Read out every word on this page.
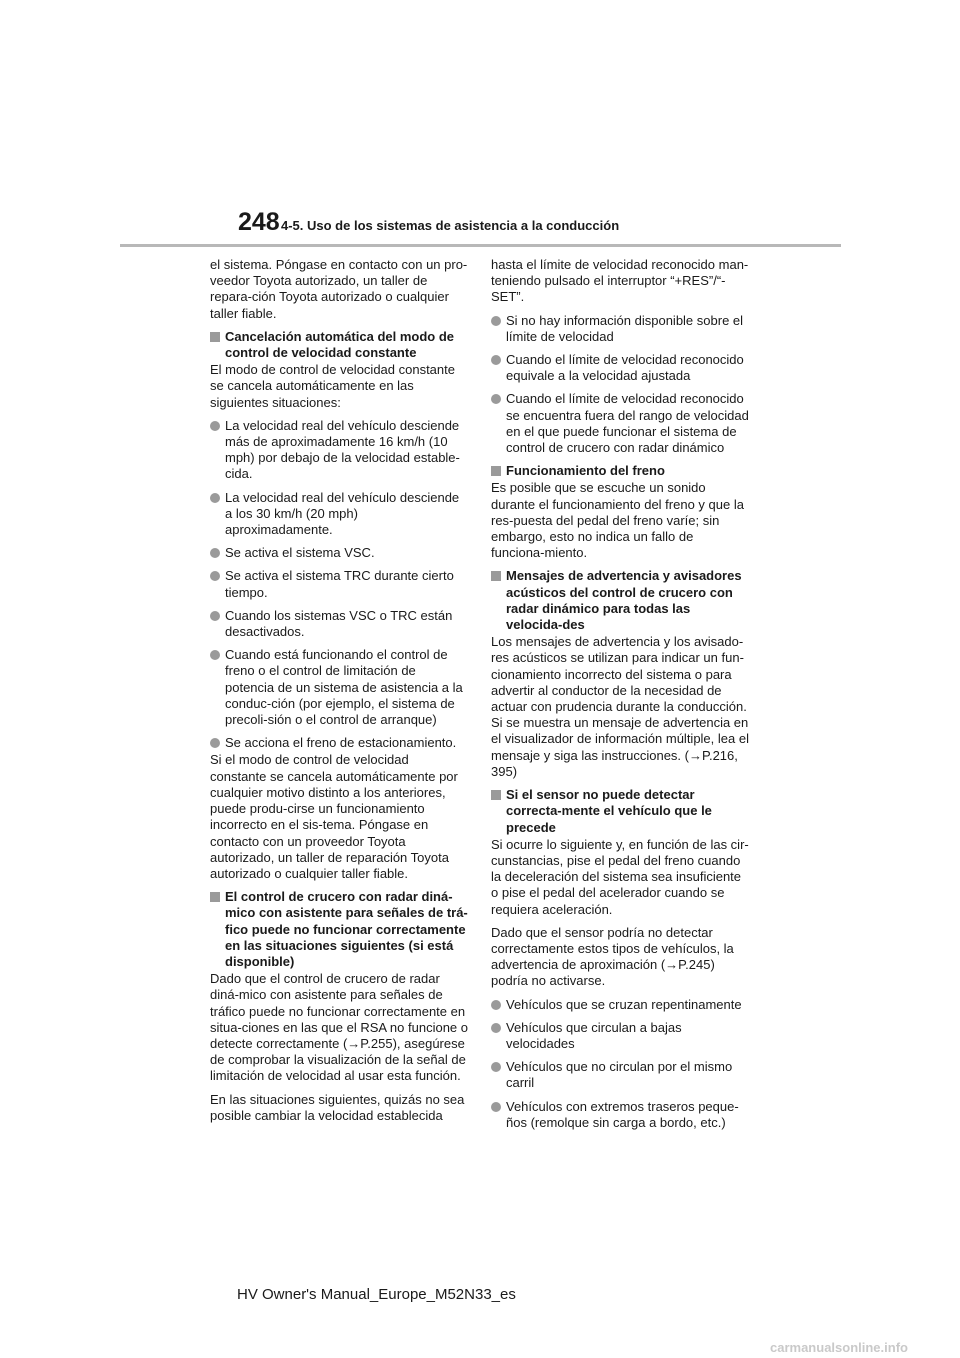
248 4-5. Uso de los sistemas de asistencia a la conducción

el sistema. Póngase en contacto con un pro-veedor Toyota autorizado, un taller de repara-ción Toyota autorizado o cualquier taller fiable.

Cancelación automática del modo de control de velocidad constante

El modo de control de velocidad constante se cancela automáticamente en las siguientes situaciones:

La velocidad real del vehículo desciende más de aproximadamente 16 km/h (10 mph) por debajo de la velocidad estable-cida.
La velocidad real del vehículo desciende a los 30 km/h (20 mph) aproximadamente.
Se activa el sistema VSC.
Se activa el sistema TRC durante cierto tiempo.
Cuando los sistemas VSC o TRC están desactivados.
Cuando está funcionando el control de freno o el control de limitación de potencia de un sistema de asistencia a la conduc-ción (por ejemplo, el sistema de precoli-sión o el control de arranque)
Se acciona el freno de estacionamiento.

Si el modo de control de velocidad constante se cancela automáticamente por cualquier motivo distinto a los anteriores, puede produ-cirse un funcionamiento incorrecto en el sis-tema. Póngase en contacto con un proveedor Toyota autorizado, un taller de reparación Toyota autorizado o cualquier taller fiable.

El control de crucero con radar diná-mico con asistente para señales de trá-fico puede no funcionar correctamente en las situaciones siguientes (si está disponible)

Dado que el control de crucero de radar diná-mico con asistente para señales de tráfico puede no funcionar correctamente en situa-ciones en las que el RSA no funcione o detecte correctamente (→P.255), asegúrese de comprobar la visualización de la señal de limitación de velocidad al usar esta función.

En las situaciones siguientes, quizás no sea posible cambiar la velocidad establecida

hasta el límite de velocidad reconocido man-teniendo pulsado el interruptor “+RES”/“-SET”.

Si no hay información disponible sobre el límite de velocidad
Cuando el límite de velocidad reconocido equivale a la velocidad ajustada
Cuando el límite de velocidad reconocido se encuentra fuera del rango de velocidad en el que puede funcionar el sistema de control de crucero con radar dinámico
Funcionamiento del freno

Es posible que se escuche un sonido durante el funcionamiento del freno y que la res-puesta del pedal del freno varíe; sin embargo, esto no indica un fallo de funciona-miento.

Mensajes de advertencia y avisadores acústicos del control de crucero con radar dinámico para todas las velocida-des

Los mensajes de advertencia y los avisado-res acústicos se utilizan para indicar un fun-cionamiento incorrecto del sistema o para advertir al conductor de la necesidad de actuar con prudencia durante la conducción. Si se muestra un mensaje de advertencia en el visualizador de información múltiple, lea el mensaje y siga las instrucciones. (→P.216, 395)

Si el sensor no puede detectar correcta-mente el vehículo que le precede

Si ocurre lo siguiente y, en función de las cir-cunstancias, pise el pedal del freno cuando la deceleración del sistema sea insuficiente o pise el pedal del acelerador cuando se requiera aceleración.

Dado que el sensor podría no detectar correctamente estos tipos de vehículos, la advertencia de aproximación (→P.245) podría no activarse.

Vehículos que se cruzan repentinamente
Vehículos que circulan a bajas velocidades
Vehículos que no circulan por el mismo carril
Vehículos con extremos traseros peque-ños (remolque sin carga a bordo, etc.)
HV Owner's Manual_Europe_M52N33_es
carmanualsonline.info
